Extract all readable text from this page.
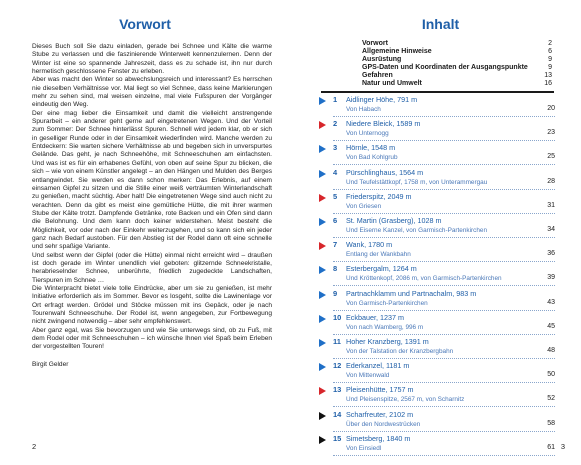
Vorwort

Dieses Buch soll Sie dazu einladen, gerade bei Schnee und Kälte die warme Stube zu verlassen und die faszinierende Winterwelt kennenzulernen. Denn der Winter ist eine so spannende Jahreszeit, dass es zu schade ist, ihn nur durch hermetisch geschlossene Fenster zu erleben.

Aber was macht den Winter so abwechslungsreich und interessant? Es herrschen nie dieselben Verhältnisse vor. Mal liegt so viel Schnee, dass keine Markierungen mehr zu sehen sind, mal weisen einzelne, mal viele Fußspuren der Vorgänger eindeutig den Weg.

Der eine mag lieber die Einsamkeit und damit die vielleicht anstrengende Spurarbeit – ein anderer geht gerne auf eingetretenen Wegen. Und der Vorteil zum Sommer: Der Schnee hinterlässt Spuren. Schnell wird jedem klar, ob er sich in geselliger Runde oder in der Einsamkeit wiederfinden wird. Manche werden zu Entdeckern: Sie warten sichere Verhältnisse ab und begeben sich in unverspurtes Gelände. Das geht, je nach Schneehöhe, mit Schneeschuhen am einfachsten. Und was ist es für ein erhabenes Gefühl, von oben auf seine Spur zu blicken, die sich – wie von einem Künstler angelegt – an den Hängen und Mulden des Berges entlangwindet. Sie werden es dann schon merken: Das Erlebnis, auf einem einsamen Gipfel zu sitzen und die Stille einer weiß verträumten Winterlandschaft zu genießen, macht süchtig. Aber halt! Die eingetretenen Wege sind auch nicht zu verachten. Denn da gibt es meist eine gemütliche Hütte, die mit ihrer warmen Stube der Kälte trotzt. Dampfende Getränke, rote Backen und ein Ofen sind dann die Belohnung. Und dem kann doch keiner widerstehen. Meist besteht die Möglichkeit, vor oder nach der Einkehr weiterzugehen, und so kann sich ein jeder ganz nach Bedarf austoben. Für den Abstieg ist der Rodel dann oft eine schnelle und sehr spaßige Variante.

Und selbst wenn der Gipfel (oder die Hütte) einmal nicht erreicht wird – draußen ist doch gerade im Winter unendlich viel geboten: glitzernde Schneekristalle, herabrieselnder Schnee, unberührte, friedlich zugedeckte Landschaften, Tierspuren im Schnee …

Die Winterpracht bietet viele tolle Eindrücke, aber um sie zu genießen, ist mehr Initiative erforderlich als im Sommer. Bevor es losgeht, sollte die Lawinenlage vor Ort erfragt werden. Grödel und Stöcke müssen mit ins Gepäck, oder je nach Tourenwahl Schneeschuhe. Der Rodel ist, wenn angegeben, zur Fortbewegung nicht zwingend notwendig – aber sehr empfehlenswert.

Aber ganz egal, was Sie bevorzugen und wie Sie unterwegs sind, ob zu Fuß, mit dem Rodel oder mit Schneeschuhen – ich wünsche Ihnen viel Spaß beim Erleben der vorgestellten Touren!

Birgit Gelder

2
Inhalt
3
Vorwort	2
Allgemeine Hinweise	6
Ausrüstung	9
GPS-Daten und Koordinaten der Ausgangspunkte	9
Gefahren	13
Natur und Umwelt	16
1 Aidlinger Höhe, 791 m
Von Habach	20
2 Niedere Bleick, 1589 m
Von Unternogg	23
3 Hörnle, 1548 m
Von Bad Kohlgrub	25
4 Pürschlinghaus, 1564 m
Und Teufelstättkopf, 1758 m, von Unterammergau	28
5 Friederspitz, 2049 m
Von Griesen	31
6 St. Martin (Grasberg), 1028 m
Und Eiserne Kanzel, von Garmisch-Partenkirchen	34
7 Wank, 1780 m
Entlang der Wankbahn	36
8 Esterbergalm, 1264 m
Und Kröttenkopf, 2086 m, von Garmisch-Partenkirchen	39
9 Partnachklamm und Partnachalm, 983 m
Von Garmisch-Partenkirchen	43
10 Eckbauer, 1237 m
Von nach Wamberg, 996 m	45
11 Hoher Kranzberg, 1391 m
Von der Talstation der Kranzbergbahn	48
12 Ederkanzel, 1181 m
Von Mittenwald	50
13 Pleisenhütte, 1757 m
Und Pleisenspitze, 2567 m, von Scharnitz	52
14 Scharfreuter, 2102 m
Über den Nordwestrücken	58
15 Simetsberg, 1840 m
Von Einsiedl	61
